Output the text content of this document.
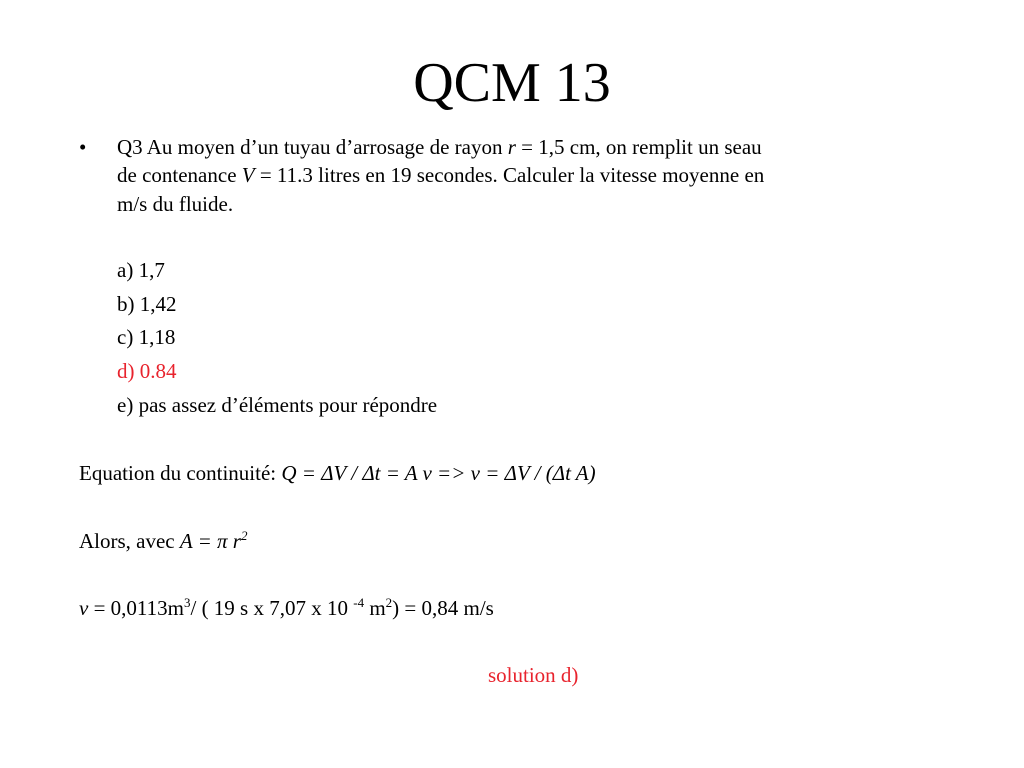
QCM 13
• Q3 Au moyen d’un tuyau d’arrosage de rayon r = 1,5 cm, on remplit un seau
de contenance V = 11.3 litres en 19 secondes. Calculer la vitesse moyenne en
m/s du fluide.
a) 1,7
b) 1,42
c) 1,18
d) 0.84
e) pas assez d’éléments pour répondre
Equation du continuité: Q = ΔV / Δt = A v => v = ΔV / (Δt A)
Alors, avec A = π $r^2$
$v = 0,0113m^3/$ ( 19 s x 7,07 x 10 $^{-4}$ $m^2) = 0,84$ m/s
solution d)
